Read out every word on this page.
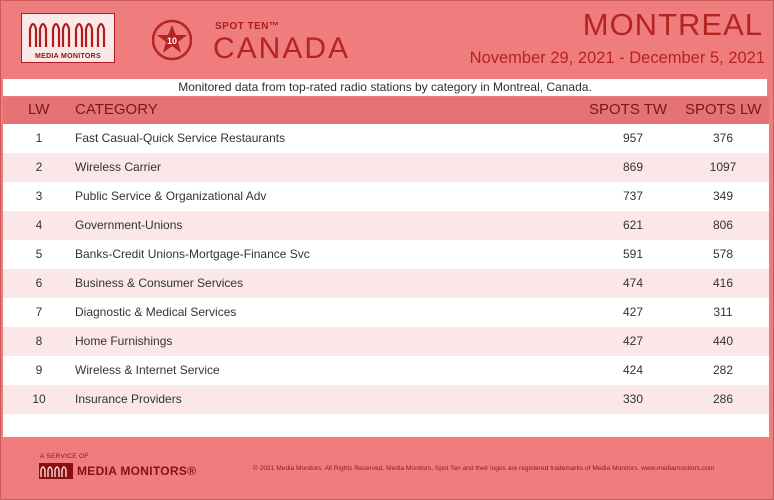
MEDIA MONITORS
10
SPOT TEN™
CANADA
MONTREAL
November 29, 2021 - December 5, 2021
Monitored data from top-rated radio stations by category in Montreal, Canada.
LW CATEGORY	SPOTS TW SPOTS LW
1	Fast Casual-Quick Service Restaurants	957	376
2	Wireless Carrier	869	1097
3	Public Service & Organizational Adv	737	349
4	Government-Unions	621	806
5	Banks-Credit Unions-Mortgage-Finance Svc	591	578
6	Business & Consumer Services	474	416
7	Diagnostic & Medical Services	427	311
8	Home Furnishings	427	440
9	Wireless & Internet Service	424	282
10 Insurance Providers	330	286
A SERVICE OF
MEDIA MONITORS®	© 2021 Media Monitors. All Rights Reserved. Media Monitors, Spot Ten and their logos are registered trademarks of Media Monitors. www.mediamonitors.com
